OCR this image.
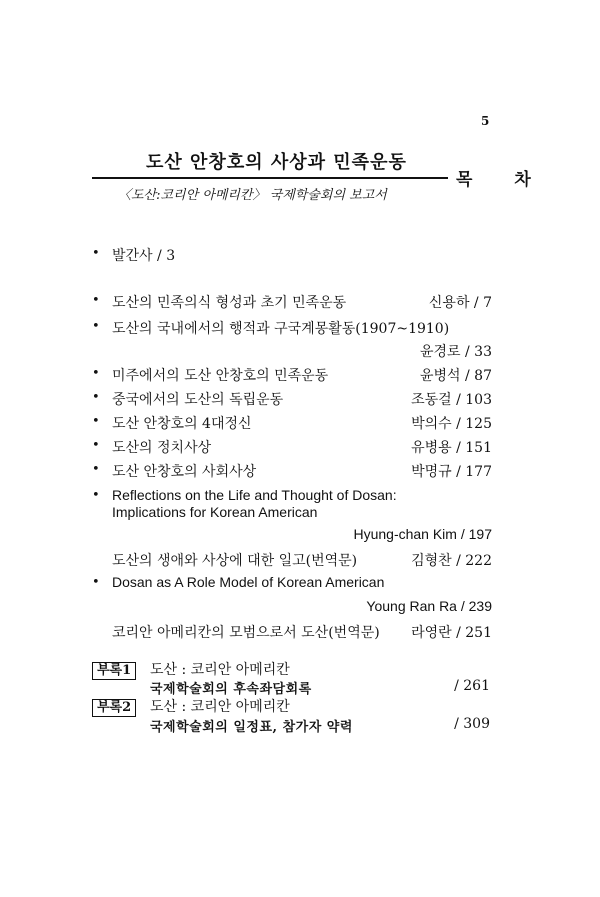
5
도산 안창호의 사상과 민족운동
목 차
〈도산:코리안 아메리칸〉 국제학술회의 보고서
• 발간사 / 3
• 도산의 민족의식 형성과 초기 민족운동	신용하 / 7
• 도산의 국내에서의 행적과 구국계몽활동(1907~1910)
윤경로 / 33
• 미주에서의 도산 안창호의 민족운동	윤병석 / 87
• 중국에서의 도산의 독립운동	조동걸 / 103
• 도산 안창호의 4대정신	박의수 / 125
• 도산의 정치사상	유병용 / 151
• 도산 안창호의 사회사상	박명규 / 177
• Reflections on the Life and Thought of Dosan:
Implications for Korean American
Hyung-chan Kim / 197
도산의 생애와 사상에 대한 일고(번역문)	김형찬 / 222
• Dosan as A Role Model of Korean American
Young Ran Ra / 239
코리안 아메리칸의 모범으로서 도산(번역문) 라영란 / 251
부록1	도산 : 코리안 아메리칸
국제학술회의 후속좌담회록	/ 261
부록2	도산 : 코리안 아메리칸
국제학술회의 일정표, 참가자 약력	/ 309
